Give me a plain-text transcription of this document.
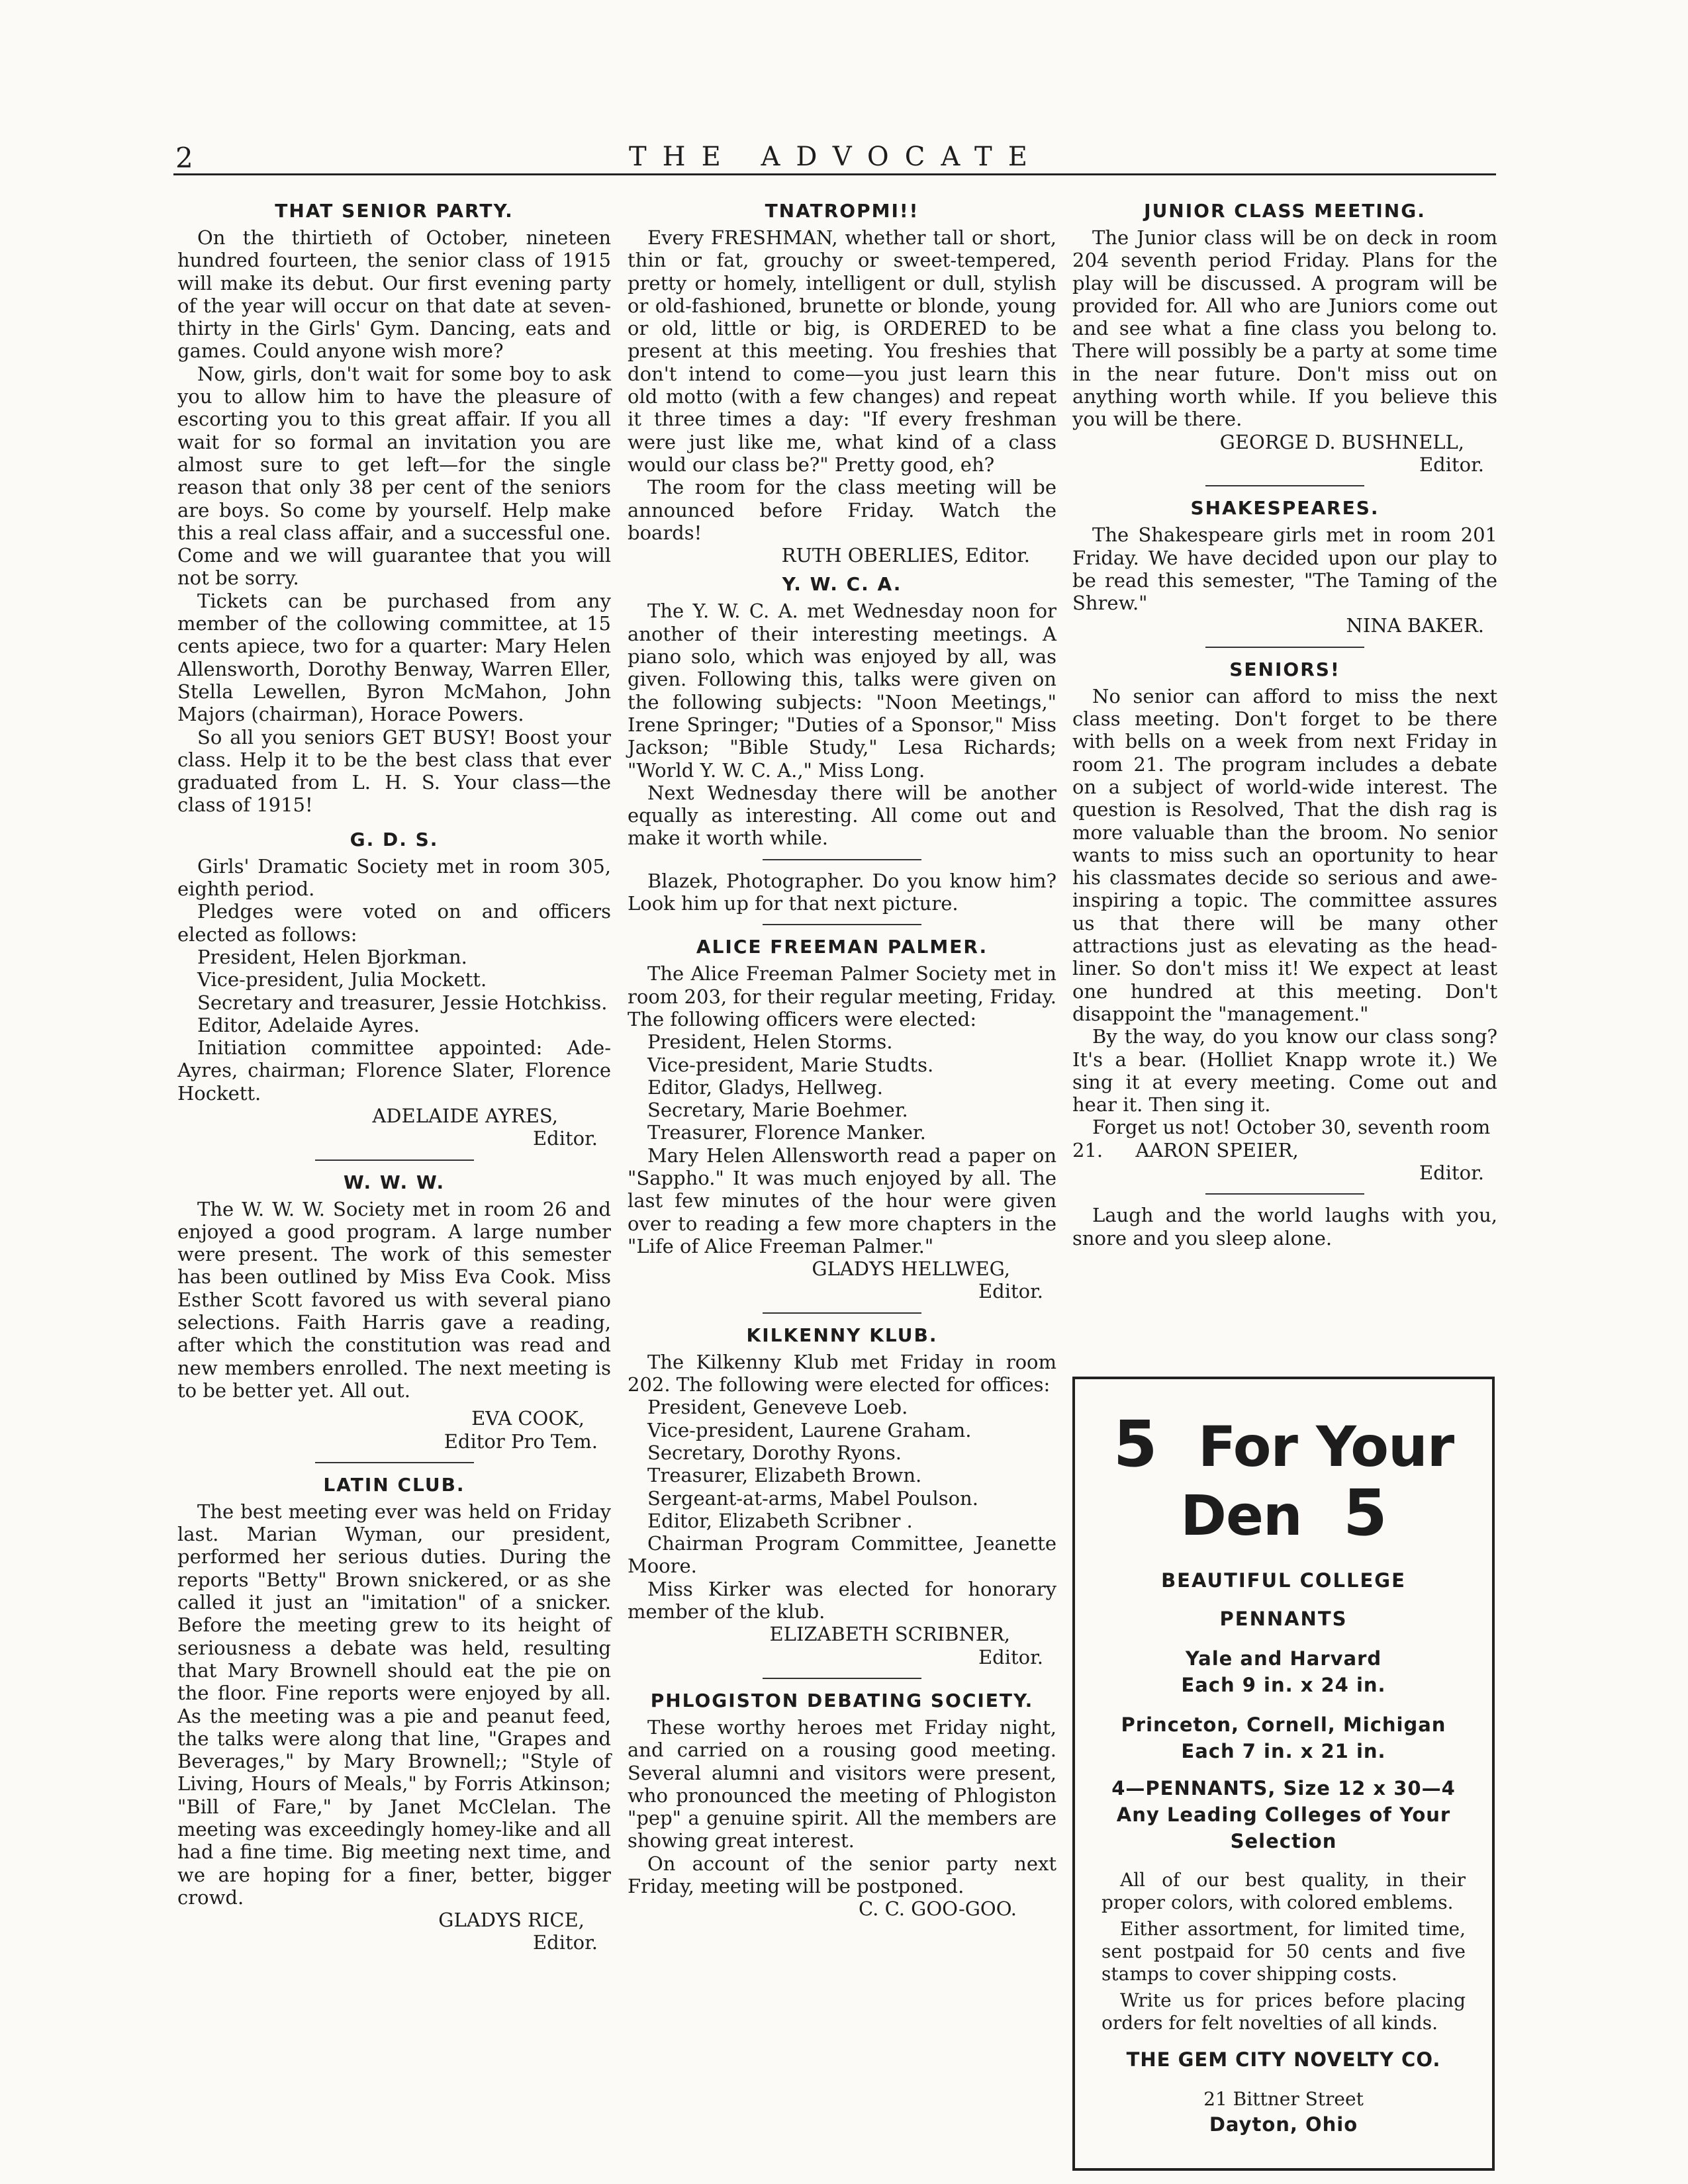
2	THE ADVOCATE
THAT SENIOR PARTY.

On the thirtieth of October, nineteen hundred fourteen, the senior class of 1915 will make its debut. Our first evening party of the year will occur on that date at seven-thirty in the Girls' Gym. Dancing, eats and games. Could anyone wish more?

Now, girls, don't wait for some boy to ask you to allow him to have the pleasure of escorting you to this great affair. If you all wait for so formal an invitation you are almost sure to get left—for the single reason that only 38 per cent of the seniors are boys. So come by yourself. Help make this a real class affair, and a successful one. Come and we will guarantee that you will not be sorry.

Tickets can be purchased from any member of the collowing committee, at 15 cents apiece, two for a quarter: Mary Helen Allensworth, Dorothy Benway, Warren Eller, Stella Lewellen, Byron McMahon, John Majors (chairman), Horace Powers.

So all you seniors GET BUSY! Boost your class. Help it to be the best class that ever graduated from L. H. S. Your class—the class of 1915!

G. D. S.

Girls' Dramatic Society met in room 305, eighth period.

Pledges were voted on and officers elected as follows:

President, Helen Bjorkman.

Vice-president, Julia Mockett.

Secretary and treasurer, Jessie Hotchkiss.

Editor, Adelaide Ayres.

Initiation committee appointed: Ade- Ayres, chairman; Florence Slater, Florence Hockett.

ADELAIDE AYRES,

Editor.

W. W. W.

The W. W. W. Society met in room 26 and enjoyed a good program. A large number were present. The work of this semester has been outlined by Miss Eva Cook. Miss Esther Scott favored us with several piano selections. Faith Harris gave a reading, after which the constitution was read and new members enrolled. The next meeting is to be better yet. All out.

EVA COOK,

Editor Pro Tem.

LATIN CLUB.

The best meeting ever was held on Friday last. Marian Wyman, our president, performed her serious duties. During the reports "Betty" Brown snickered, or as she called it just an "imitation" of a snicker. Before the meeting grew to its height of seriousness a debate was held, resulting that Mary Brownell should eat the pie on the floor. Fine reports were enjoyed by all. As the meeting was a pie and peanut feed, the talks were along that line, "Grapes and Beverages," by Mary Brownell;; "Style of Living, Hours of Meals," by Forris Atkinson; "Bill of Fare," by Janet McClelan. The meeting was exceedingly homey-like and all had a fine time. Big meeting next time, and we are hoping for a finer, better, bigger crowd.

GLADYS RICE,

Editor.

TNATROPMI!!

Every FRESHMAN, whether tall or short, thin or fat, grouchy or sweet-tempered, pretty or homely, intelligent or dull, stylish or old-fashioned, brunette or blonde, young or old, little or big, is ORDERED to be present at this meeting. You freshies that don't intend to come—you just learn this old motto (with a few changes) and repeat it three times a day: "If every freshman were just like me, what kind of a class would our class be?" Pretty good, eh?

The room for the class meeting will be announced before Friday. Watch the boards!

RUTH OBERLIES, Editor.

Y. W. C. A.

The Y. W. C. A. met Wednesday noon for another of their interesting meetings. A piano solo, which was enjoyed by all, was given. Following this, talks were given on the following subjects: "Noon Meetings," Irene Springer; "Duties of a Sponsor," Miss Jackson; "Bible Study," Lesa Richards; "World Y. W. C. A.," Miss Long.

Next Wednesday there will be another equally as interesting. All come out and make it worth while.

Blazek, Photographer. Do you know him? Look him up for that next picture.

ALICE FREEMAN PALMER.

The Alice Freeman Palmer Society met in room 203, for their regular meeting, Friday. The following officers were elected:

President, Helen Storms.

Vice-president, Marie Studts.

Editor, Gladys, Hellweg.

Secretary, Marie Boehmer.

Treasurer, Florence Manker.

Mary Helen Allensworth read a paper on "Sappho." It was much enjoyed by all. The last few minutes of the hour were given over to reading a few more chapters in the "Life of Alice Freeman Palmer."

GLADYS HELLWEG,

Editor.

KILKENNY KLUB.

The Kilkenny Klub met Friday in room 202. The following were elected for offices:

President, Geneveve Loeb.

Vice-president, Laurene Graham.

Secretary, Dorothy Ryons.

Treasurer, Elizabeth Brown.

Sergeant-at-arms, Mabel Poulson.

Editor, Elizabeth Scribner .

Chairman Program Committee, Jeanette Moore.

Miss Kirker was elected for honorary member of the klub.

ELIZABETH SCRIBNER,

Editor.

PHLOGISTON DEBATING SOCIETY.

These worthy heroes met Friday night, and carried on a rousing good meeting. Several alumni and visitors were present, who pronounced the meeting of Phlogiston "pep" a genuine spirit. All the members are showing great interest.

On account of the senior party next Friday, meeting will be postponed.

C. C. GOO-GOO.

JUNIOR CLASS MEETING.

The Junior class will be on deck in room 204 seventh period Friday. Plans for the play will be discussed. A program will be provided for. All who are Juniors come out and see what a fine class you belong to. There will possibly be a party at some time in the near future. Don't miss out on anything worth while. If you believe this you will be there.

GEORGE D. BUSHNELL,

Editor.

SHAKESPEARES.

The Shakespeare girls met in room 201 Friday. We have decided upon our play to be read this semester, "The Taming of the Shrew."

NINA BAKER.

SENIORS!

No senior can afford to miss the next class meeting. Don't forget to be there with bells on a week from next Friday in room 21. The program includes a debate on a subject of world-wide interest. The question is Resolved, That the dish rag is more valuable than the broom. No senior wants to miss such an oportunity to hear his classmates decide so serious and awe-inspiring a topic. The committee assures us that there will be many other attractions just as elevating as the head-liner. So don't miss it! We expect at least one hundred at this meeting. Don't disappoint the "management."

By the way, do you know our class song? It's a bear. (Holliet Knapp wrote it.) We sing it at every meeting. Come out and hear it. Then sing it.

Forget us not! October 30, seventh room 21. AARON SPEIER,

Editor.

Laugh and the world laughs with you, snore and you sleep alone.

5 For Your Den 5

BEAUTIFUL COLLEGE

PENNANTS

Yale and Harvard

Each 9 in. x 24 in.

Princeton, Cornell, Michigan

Each 7 in. x 21 in.

4—PENNANTS, Size 12 x 30—4

Any Leading Colleges of Your

Selection

All of our best quality, in their proper colors, with colored emblems.

Either assortment, for limited time, sent postpaid for 50 cents and five stamps to cover shipping costs.

Write us for prices before placing orders for felt novelties of all kinds.

THE GEM CITY NOVELTY CO.

21 Bittner Street

Dayton, Ohio
